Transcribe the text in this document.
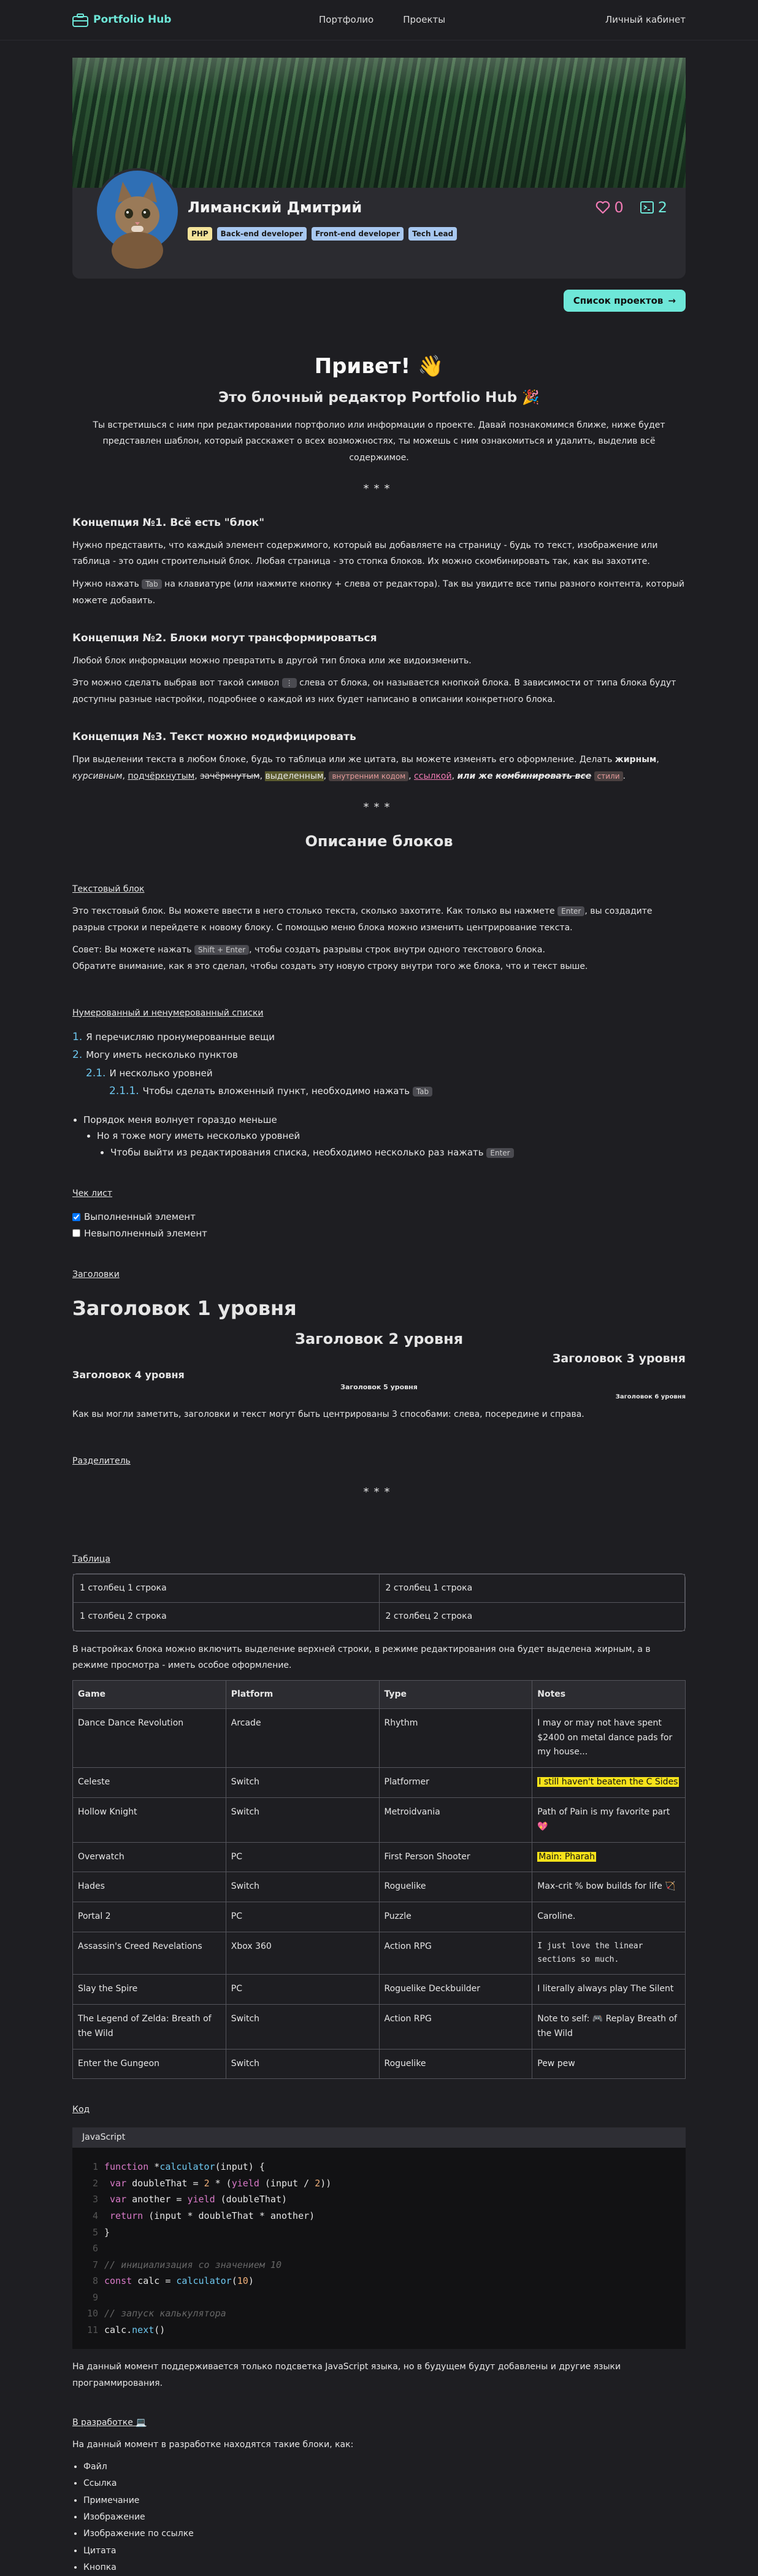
Portfolio Hub	Портфолио	Проекты	Личный кабинет
Лиманский Дмитрий
PHP	Back-end developer	Front-end developer	Tech Lead
0 2
Список проектов →
Привет! 👋
Это блочный редактор Portfolio Hub 🎉
Ты встретишься с ним при редактировании портфолио или информации о проекте. Давай познакомимся ближе, ниже будет представлен шаблон, который расскажет о всех возможностях, ты можешь с ним ознакомиться и удалить, выделив всё содержимое.
***
Концепция №1. Всё есть "блок"

Нужно представить, что каждый элемент содержимого, который вы добавляете на страницу - будь то текст, изображение или таблица - это один строительный блок. Любая страница - это стопка блоков. Их можно скомбинировать так, как вы захотите.

Нужно нажать Tab на клавиатуре (или нажмите кнопку + слева от редактора). Так вы увидите все типы разного контента, который можете добавить.

Концепция №2. Блоки могут трансформироваться

Любой блок информации можно превратить в другой тип блока или же видоизменить.

Это можно сделать выбрав вот такой символ ⋮ слева от блока, он называется кнопкой блока. В зависимости от типа блока будут доступны разные настройки, подробнее о каждой из них будет написано в описании конкретного блока.

Концепция №3. Текст можно модифицировать

При выделении текста в любом блоке, будь то таблица или же цитата, вы можете изменять его оформление. Делать жирным, курсивным, подчёркнутым, зачёркнутым, выделенным, внутренним кодом , ссылкой, или же комбинировать все стили .

***
Описание блоков
Текстовый блок

Это текстовый блок. Вы можете ввести в него столько текста, сколько захотите. Как только вы нажмете Enter , вы создадите разрыв строки и перейдете к новому блоку. С помощью меню блока можно изменить центрирование текста.

Совет: Вы можете нажать Shift + Enter , чтобы создать разрывы строк внутри одного текстового блока.

Обратите внимание, как я это сделал, чтобы создать эту новую строку внутри того же блока, что и текст выше.

Нумерованный и ненумерованный списки
1. Я перечисляю пронумерованные вещи
2. Могу иметь несколько пунктов
2.1. И несколько уровней
2.1.1. Чтобы сделать вложенный пункт, необходимо нажать Tab
• Порядок меня волнует гораздо меньше
• Но я тоже могу иметь несколько уровней
• Чтобы выйти из редактирования списка, необходимо несколько раз нажать Enter
Чек лист
Выполненный элемент
Невыполненный элемент
Заголовки
Заголовок 1 уровня
Заголовок 2 уровня
Заголовок 3 уровня
Заголовок 4 уровня
Заголовок 5 уровня
Заголовок 6 уровня

Как вы могли заметить, заголовки и текст могут быть центрированы 3 способами: слева, посередине и справа.

Разделитель
***
Таблица
1 столбец 1 строка	2 столбец 1 строка
1 столбец 2 строка	2 столбец 2 строка

В настройках блока можно включить выделение верхней строки, в режиме редактирования она будет выделена жирным, а в режиме просмотра - иметь особое оформление.

Game	Platform	Type	Notes
Dance Dance Revolution	Arcade	Rhythm	I may or may not have spent $2400 on metal dance pads for my house...
Celeste	Switch	Platformer	I still haven't beaten the C Sides
Hollow Knight	Switch	Metroidvania	Path of Pain is my favorite part 💖
Overwatch	PC	First Person Shooter	Main: Pharah
Hades	Switch	Roguelike	Max-crit % bow builds for life 🏹
Portal 2	PC	Puzzle	Caroline.
Assassin's Creed Revelations	Xbox 360	Action RPG	I just love the linear sections so much.
Slay the Spire	PC	Roguelike Deckbuilder	I literally always play The Silent
The Legend of Zelda: Breath of the Wild	Switch	Action RPG	Note to self: 🎮 Replay Breath of the Wild
Enter the Gungeon	Switch	Roguelike	Pew pew
Код
JavaScript
1 function *calculator(input) {
2 var doubleThat = 2 * (yield (input / 2))
3 var another = yield (doubleThat)
4 return (input * doubleThat * another)
5 }
6
7 // инициализация со значением 10
8 const calc = calculator(10)
9
10 // запуск калькулятора
11 calc.next()

На данный момент поддерживается только подсветка JavaScript языка, но в будущем будут добавлены и другие языки программирования.

В разработке 💻

На данный момент в разработке находятся такие блоки, как:

• Файл
• Ссылка
• Примечание
• Изображение
• Изображение по ссылке
• Цитата
• Кнопка
